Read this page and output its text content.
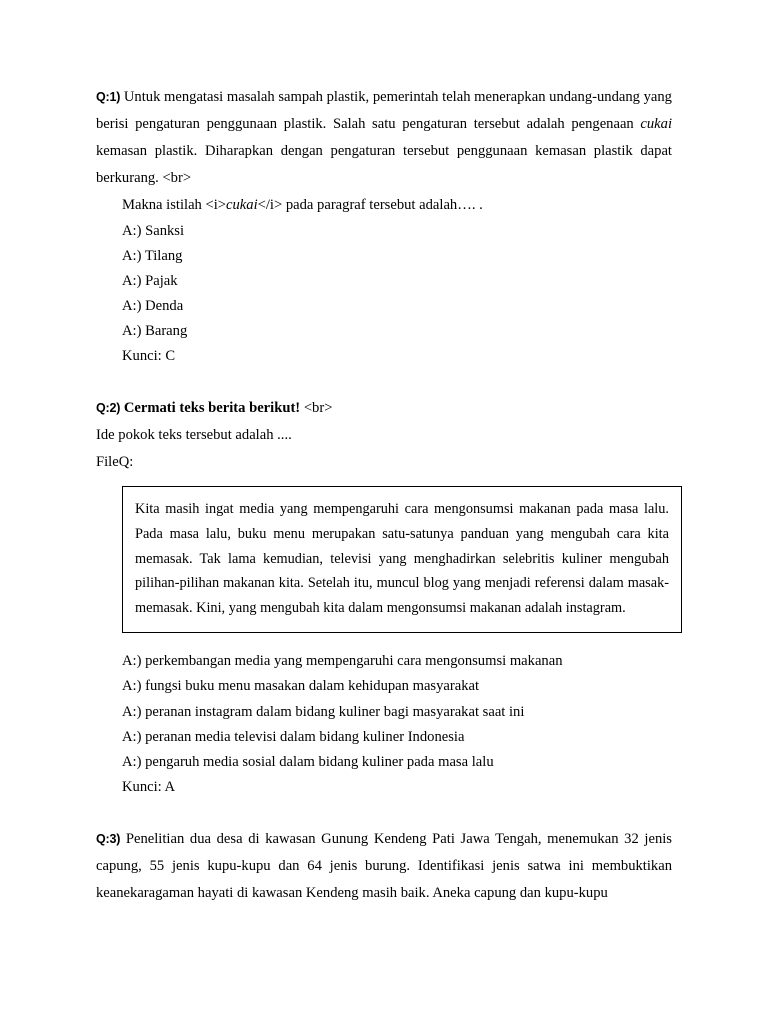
Q:1) Untuk mengatasi masalah sampah plastik, pemerintah telah menerapkan undang-undang yang berisi pengaturan penggunaan plastik. Salah satu pengaturan tersebut adalah pengenaan cukai kemasan plastik. Diharapkan dengan pengaturan tersebut penggunaan kemasan plastik dapat berkurang. <br>

Makna istilah <i>cukai</i> pada paragraf tersebut adalah…. .

A:) Sanksi
A:) Tilang
A:) Pajak
A:) Denda
A:) Barang
Kunci: C

Q:2) Cermati teks berita berikut! <br>

Ide pokok teks tersebut adalah ....

FileQ:

Kita masih ingat media yang mempengaruhi cara mengonsumsi makanan pada masa lalu. Pada masa lalu, buku menu merupakan satu-satunya panduan yang mengubah cara kita memasak. Tak lama kemudian, televisi yang menghadirkan selebritis kuliner mengubah pilihan-pilihan makanan kita. Setelah itu, muncul blog yang menjadi referensi dalam masak-memasak. Kini, yang mengubah kita dalam mengonsumsi makanan adalah instagram.

A:) perkembangan media yang mempengaruhi cara mengonsumsi makanan
A:) fungsi buku menu masakan dalam kehidupan masyarakat
A:) peranan instagram dalam bidang kuliner bagi masyarakat saat ini
A:) peranan media televisi dalam bidang kuliner Indonesia
A:) pengaruh media sosial dalam bidang kuliner pada masa lalu
Kunci: A

Q:3) Penelitian dua desa di kawasan Gunung Kendeng Pati Jawa Tengah, menemukan 32 jenis capung, 55 jenis kupu-kupu dan 64 jenis burung. Identifikasi jenis satwa ini membuktikan keanekaragaman hayati di kawasan Kendeng masih baik. Aneka capung dan kupu-kupu
